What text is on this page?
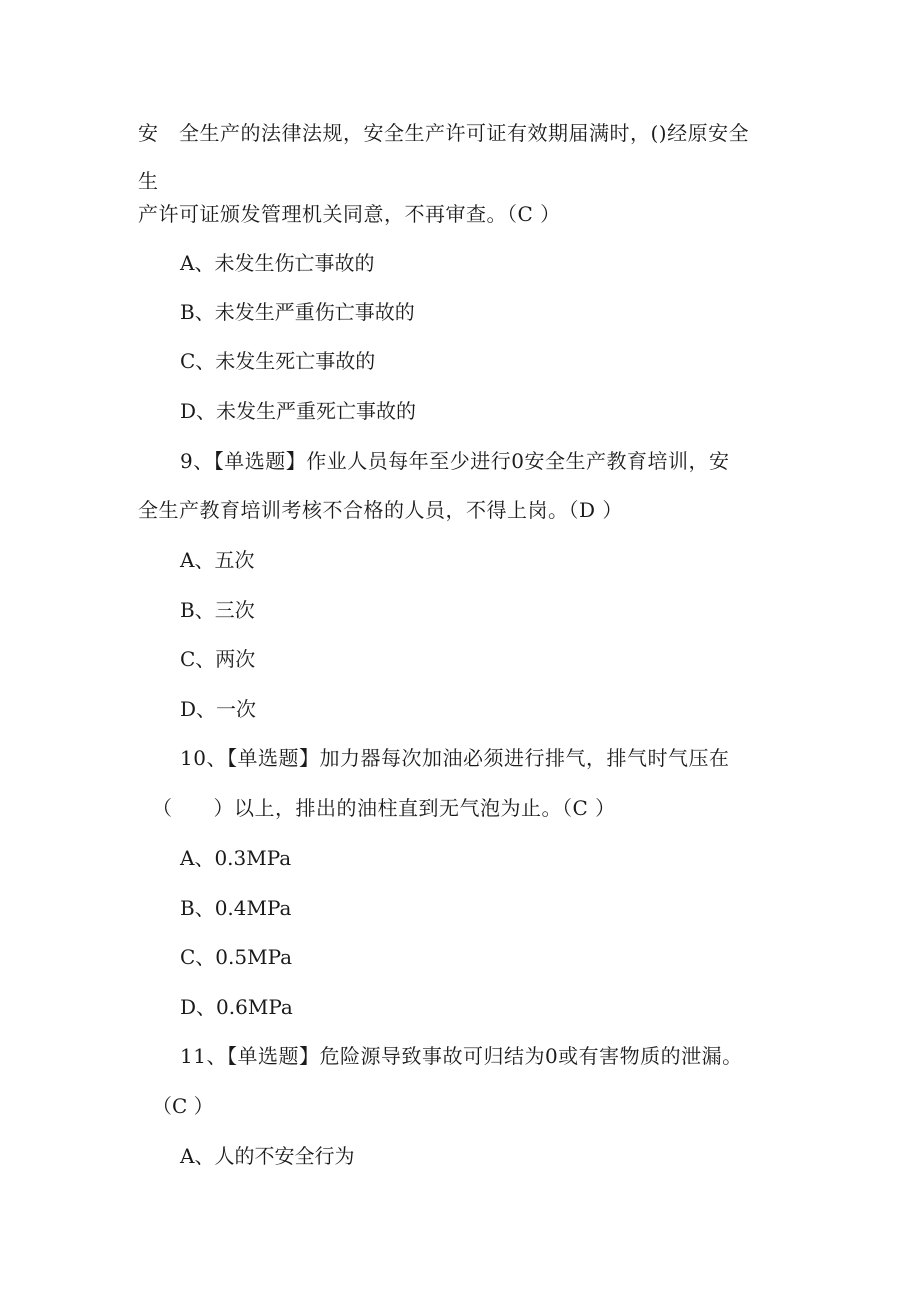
安　全生产的法律法规，安全生产许可证有效期届满时，()经原安全
生
产许可证颁发管理机关同意，不再审查。（C ）
A、未发生伤亡事故的
B、未发生严重伤亡事故的
C、未发生死亡事故的
D、未发生严重死亡事故的
9、【单选题】作业人员每年至少进行0安全生产教育培训，安
全生产教育培训考核不合格的人员，不得上岗。（D ）
A、五次
B、三次
C、两次
D、一次
10、【单选题】加力器每次加油必须进行排气，排气时气压在
（　　）以上，排出的油柱直到无气泡为止。（C ）
A、0.3MPa
B、0.4MPa
C、0.5MPa
D、0.6MPa
11、【单选题】危险源导致事故可归结为0或有害物质的泄漏。
（C ）
A、人的不安全行为
